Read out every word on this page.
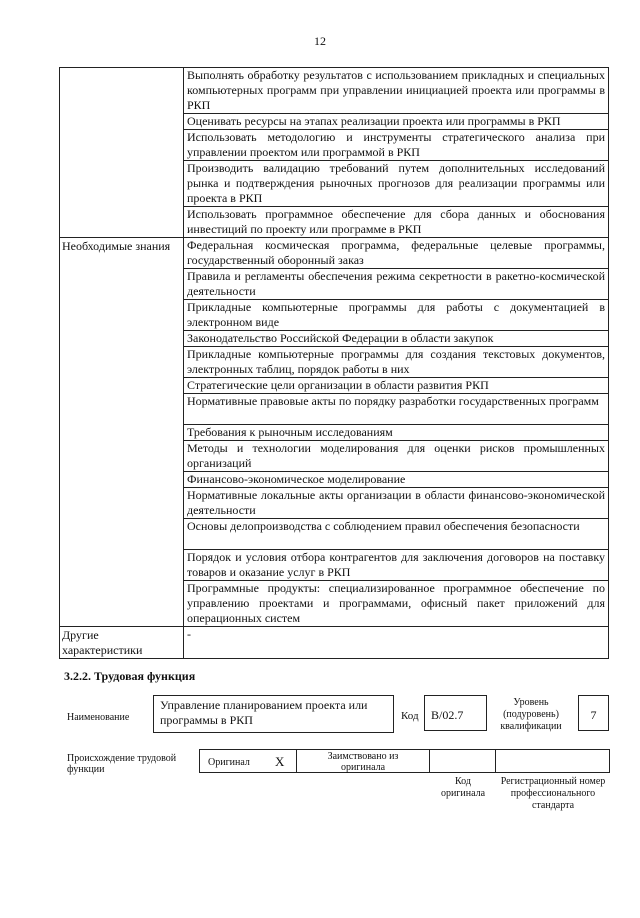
12
	Выполнять обработку результатов с использованием прикладных и специальных компьютерных программ при управлении инициацией проекта или программы в РКП
	Оценивать ресурсы на этапах реализации проекта или программы в РКП
	Использовать методологию и инструменты стратегического анализа при управлении проектом или программой в РКП
	Производить валидацию требований путем дополнительных исследований рынка и подтверждения рыночных прогнозов для реализации программы или проекта в РКП
	Использовать программное обеспечение для сбора данных и обоснования инвестиций по проекту или программе в РКП
Необходимые знания	Федеральная космическая программа, федеральные целевые программы, государственный оборонный заказ
	Правила и регламенты обеспечения режима секретности в ракетно-космической деятельности
	Прикладные компьютерные программы для работы с документацией в электронном виде
	Законодательство Российской Федерации в области закупок
	Прикладные компьютерные программы для создания текстовых документов, электронных таблиц, порядок работы в них
	Стратегические цели организации в области развития РКП
	Нормативные правовые акты по порядку разработки государственных программ
	Требования к рыночным исследованиям
	Методы и технологии моделирования для оценки рисков промышленных организаций
	Финансово-экономическое моделирование
	Нормативные локальные акты организации в области финансово-экономической деятельности
	Основы делопроизводства с соблюдением правил обеспечения безопасности
	Порядок и условия отбора контрагентов для заключения договоров на поставку товаров и оказание услуг в РКП
	Программные продукты: специализированное программное обеспечение по управлению проектами и программами, офисный пакет приложений для операционных систем
Другие характеристики	-
3.2.2. Трудовая функция
Наименование
Управление планированием проекта или программы в РКП	Код	B/02.7
Уровень (подуровень) квалификации
7
Происхождение трудовой функции
Оригинал X	Заимствовано из оригинала
Код оригинала
Регистрационный номер профессионального стандарта
